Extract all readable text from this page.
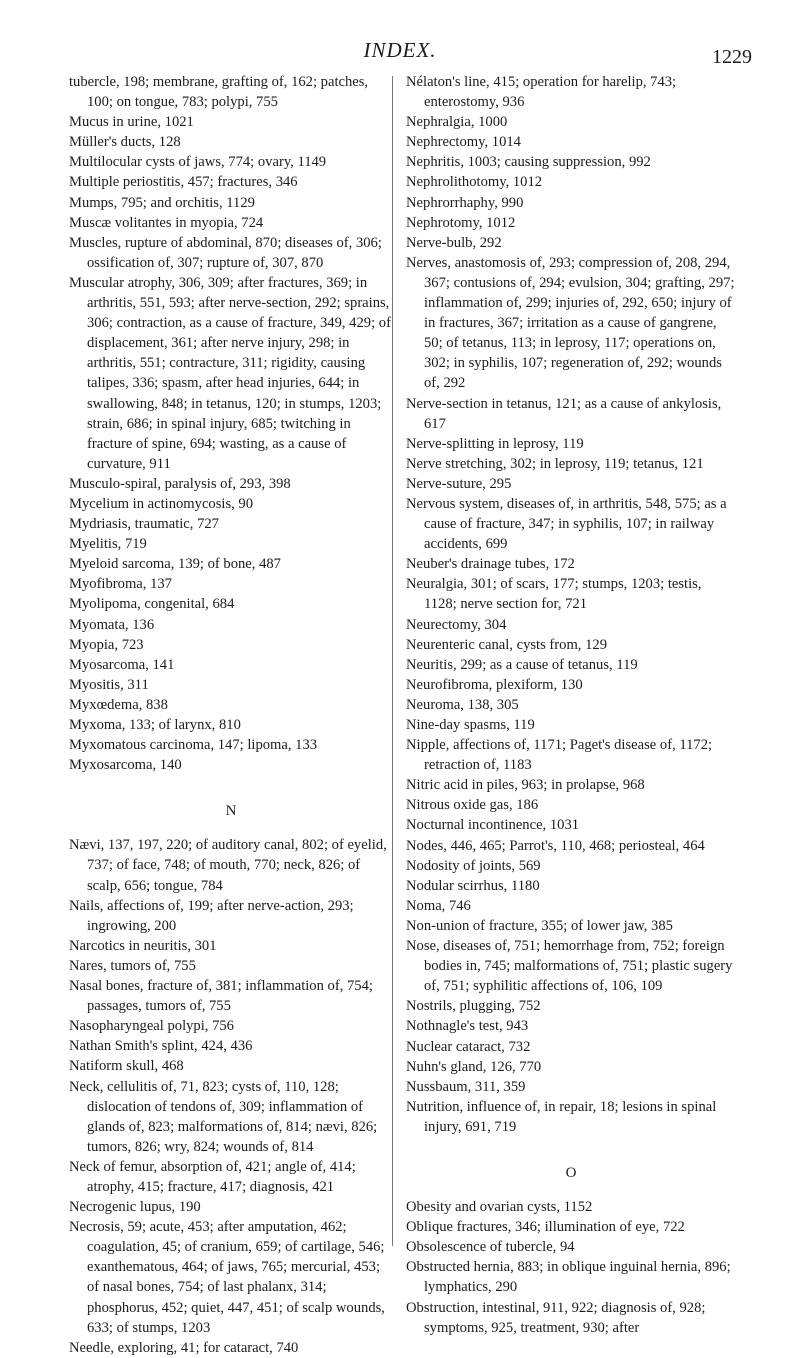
INDEX.	1229

tubercle, 198; membrane, grafting of, 162; patches, 100; on tongue, 783; polypi, 755

Mucus in urine, 1021

Müller's ducts, 128

Multilocular cysts of jaws, 774; ovary, 1149

Multiple periostitis, 457; fractures, 346

Mumps, 795; and orchitis, 1129

Muscæ volitantes in myopia, 724

Muscles, rupture of abdominal, 870; diseases of, 306; ossification of, 307; rupture of, 307, 870

Muscular atrophy, 306, 309; after fractures, 369; in arthritis, 551, 593; after nerve-section, 292; sprains, 306; contraction, as a cause of fracture, 349, 429; of displacement, 361; after nerve injury, 298; in arthritis, 551; contracture, 311; rigidity, causing talipes, 336; spasm, after head injuries, 644; in swallowing, 848; in tetanus, 120; in stumps, 1203; strain, 686; in spinal injury, 685; twitching in fracture of spine, 694; wasting, as a cause of curvature, 911

Musculo-spiral, paralysis of, 293, 398

Mycelium in actinomycosis, 90

Mydriasis, traumatic, 727

Myelitis, 719

Myeloid sarcoma, 139; of bone, 487

Myofibroma, 137

Myolipoma, congenital, 684

Myomata, 136

Myopia, 723

Myosarcoma, 141

Myositis, 311

Myxœdema, 838

Myxoma, 133; of larynx, 810

Myxomatous carcinoma, 147; lipoma, 133

Myxosarcoma, 140

N

Nævi, 137, 197, 220; of auditory canal, 802; of eyelid, 737; of face, 748; of mouth, 770; neck, 826; of scalp, 656; tongue, 784

Nails, affections of, 199; after nerve-action, 293; ingrowing, 200

Narcotics in neuritis, 301

Nares, tumors of, 755

Nasal bones, fracture of, 381; inflammation of, 754; passages, tumors of, 755

Nasopharyngeal polypi, 756

Nathan Smith's splint, 424, 436

Natiform skull, 468

Neck, cellulitis of, 71, 823; cysts of, 110, 128; dislocation of tendons of, 309; inflammation of glands of, 823; malformations of, 814; nævi, 826; tumors, 826; wry, 824; wounds of, 814

Neck of femur, absorption of, 421; angle of, 414; atrophy, 415; fracture, 417; diagnosis, 421

Necrogenic lupus, 190

Necrosis, 59; acute, 453; after amputation, 462; coagulation, 45; of cranium, 659; of cartilage, 546; exanthematous, 464; of jaws, 765; mercurial, 453; of nasal bones, 754; of last phalanx, 314; phosphorus, 452; quiet, 447, 451; of scalp wounds, 633; of stumps, 1203

Needle, exploring, 41; for cataract, 740

Nélaton's line, 415; operation for harelip, 743; enterostomy, 936

Nephralgia, 1000

Nephrectomy, 1014

Nephritis, 1003; causing suppression, 992

Nephrolithotomy, 1012

Nephrorrhaphy, 990

Nephrotomy, 1012

Nerve-bulb, 292

Nerves, anastomosis of, 293; compression of, 208, 294, 367; contusions of, 294; evulsion, 304; grafting, 297; inflammation of, 299; injuries of, 292, 650; injury of in fractures, 367; irritation as a cause of gangrene, 50; of tetanus, 113; in leprosy, 117; operations on, 302; in syphilis, 107; regeneration of, 292; wounds of, 292

Nerve-section in tetanus, 121; as a cause of ankylosis, 617

Nerve-splitting in leprosy, 119

Nerve stretching, 302; in leprosy, 119; tetanus, 121

Nerve-suture, 295

Nervous system, diseases of, in arthritis, 548, 575; as a cause of fracture, 347; in syphilis, 107; in railway accidents, 699

Neuber's drainage tubes, 172

Neuralgia, 301; of scars, 177; stumps, 1203; testis, 1128; nerve section for, 721

Neurectomy, 304

Neurenteric canal, cysts from, 129

Neuritis, 299; as a cause of tetanus, 119

Neurofibroma, plexiform, 130

Neuroma, 138, 305

Nine-day spasms, 119

Nipple, affections of, 1171; Paget's disease of, 1172; retraction of, 1183

Nitric acid in piles, 963; in prolapse, 968

Nitrous oxide gas, 186

Nocturnal incontinence, 1031

Nodes, 446, 465; Parrot's, 110, 468; periosteal, 464

Nodosity of joints, 569

Nodular scirrhus, 1180

Noma, 746

Non-union of fracture, 355; of lower jaw, 385

Nose, diseases of, 751; hemorrhage from, 752; foreign bodies in, 745; malformations of, 751; plastic sugery of, 751; syphilitic affections of, 106, 109

Nostrils, plugging, 752

Nothnagle's test, 943

Nuclear cataract, 732

Nuhn's gland, 126, 770

Nussbaum, 311, 359

Nutrition, influence of, in repair, 18; lesions in spinal injury, 691, 719

O

Obesity and ovarian cysts, 1152

Oblique fractures, 346; illumination of eye, 722

Obsolescence of tubercle, 94

Obstructed hernia, 883; in oblique inguinal hernia, 896; lymphatics, 290

Obstruction, intestinal, 911, 922; diagnosis of, 928; symptoms, 925, treatment, 930; after
